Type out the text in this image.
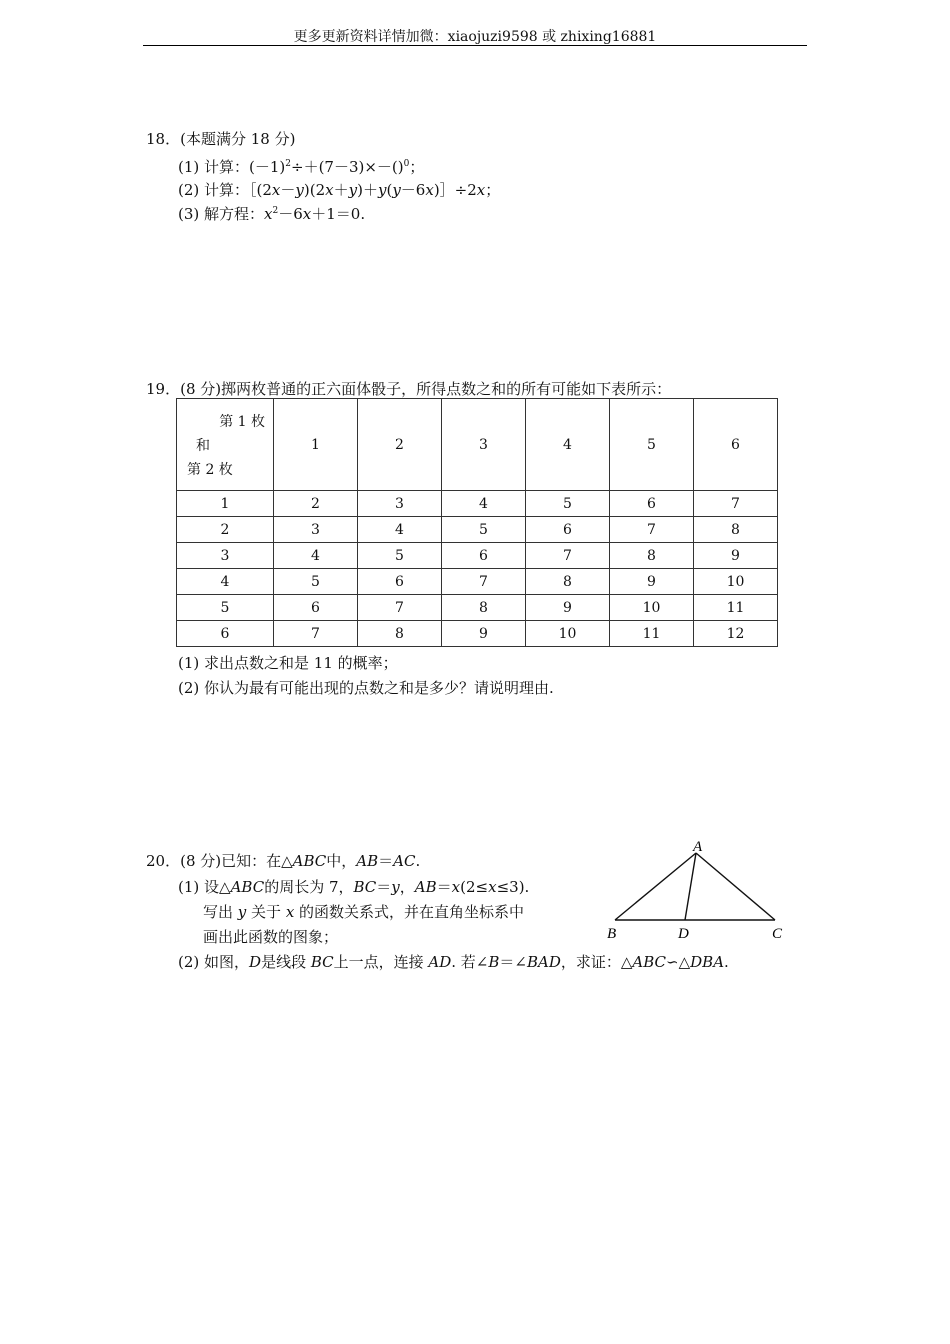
更多更新资料详情加微：xiaojuzi9598 或 zhixing16881
18．(本题满分 18 分)
(1) 计算：$(-1)^2\div+(7-3)\times-()^0$；
(2) 计算：［(2x－y)(2x＋y)＋y(y－6x)］÷2x；
(3) 解方程：$x^2-6x+1=0$.
19．(8 分)掷两枚普通的正六面体骰子，所得点数之和的所有可能如下表所示：
第 1 枚
和
第 2 枚	1	2	3	4	5	6
1	2	3	4	5	6	7
2	3	4	5	6	7	8
3	4	5	6	7	8	9
4	5	6	7	8	9	10
5	6	7	8	9	10	11
6	7	8	9	10	11	12
(1) 求出点数之和是 11 的概率；
(2) 你认为最有可能出现的点数之和是多少？请说明理由.
20．(8 分)已知：在△ABC中，AB＝AC.
(1) 设△ABC的周长为 7，BC＝y，AB＝x(2≤x≤3).
写出 y 关于 x 的函数关系式，并在直角坐标系中
画出此函数的图象；
(2) 如图，D是线段 BC上一点，连接 AD. 若∠B＝∠BAD，求证：△ABC∽△DBA.
A
B	D	C
